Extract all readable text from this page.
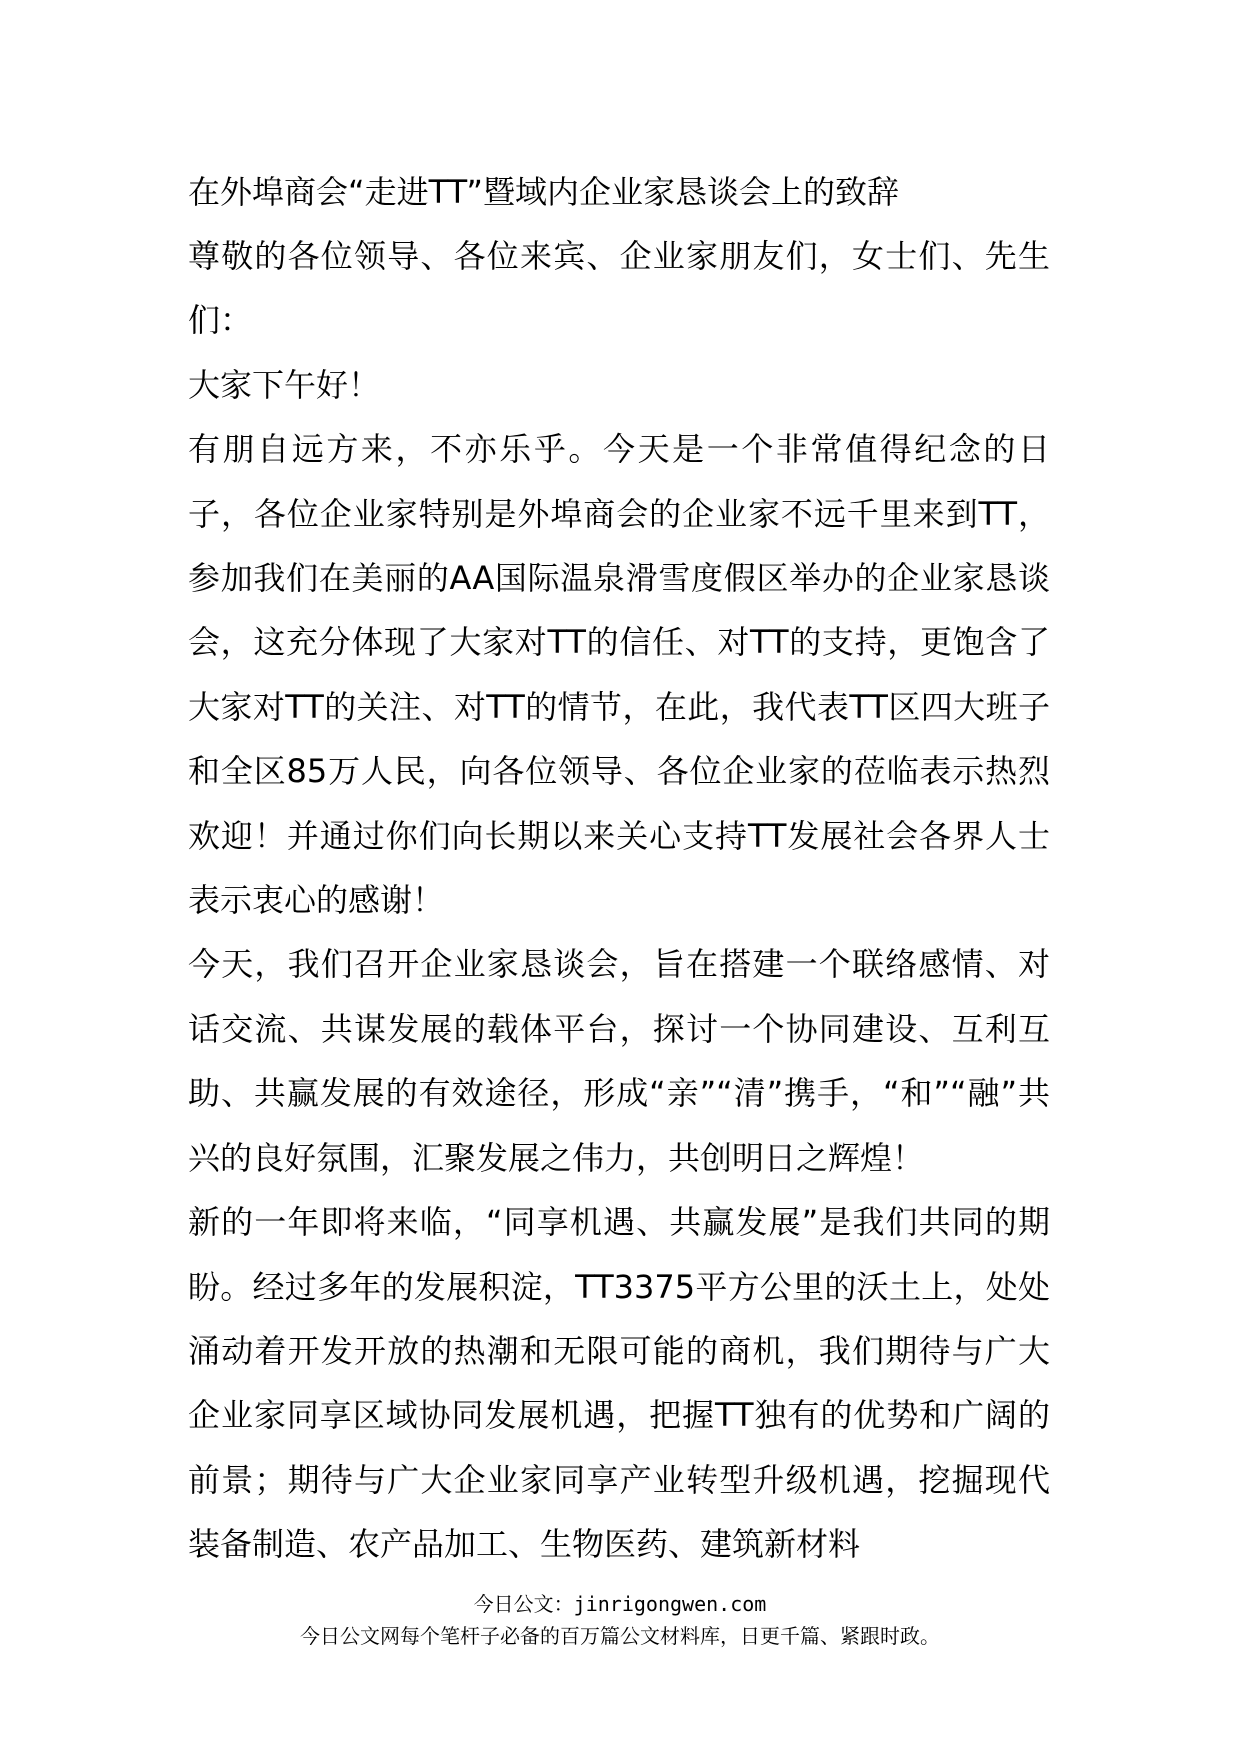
在外埠商会“走进TT”暨域内企业家恳谈会上的致辞

尊敬的各位领导、各位来宾、企业家朋友们，女士们、先生们：

大家下午好！

有朋自远方来，不亦乐乎。今天是一个非常值得纪念的日子，各位企业家特别是外埠商会的企业家不远千里来到TT，参加我们在美丽的AA国际温泉滑雪度假区举办的企业家恳谈会，这充分体现了大家对TT的信任、对TT的支持，更饱含了大家对TT的关注、对TT的情节，在此，我代表TT区四大班子和全区85万人民，向各位领导、各位企业家的莅临表示热烈欢迎！并通过你们向长期以来关心支持TT发展社会各界人士表示衷心的感谢！

今天，我们召开企业家恳谈会，旨在搭建一个联络感情、对话交流、共谋发展的载体平台，探讨一个协同建设、互利互助、共赢发展的有效途径，形成“亲”“清”携手，“和”“融”共兴的良好氛围，汇聚发展之伟力，共创明日之辉煌！

新的一年即将来临，“同享机遇、共赢发展”是我们共同的期盼。经过多年的发展积淀，TT3375平方公里的沃土上，处处涌动着开发开放的热潮和无限可能的商机，我们期待与广大企业家同享区域协同发展机遇，把握TT独有的优势和广阔的前景；期待与广大企业家同享产业转型升级机遇，挖掘现代装备制造、农产品加工、生物医药、建筑新材料

今日公文：jinrigongwen.com
今日公文网每个笔杆子必备的百万篇公文材料库，日更千篇、紧跟时政。
